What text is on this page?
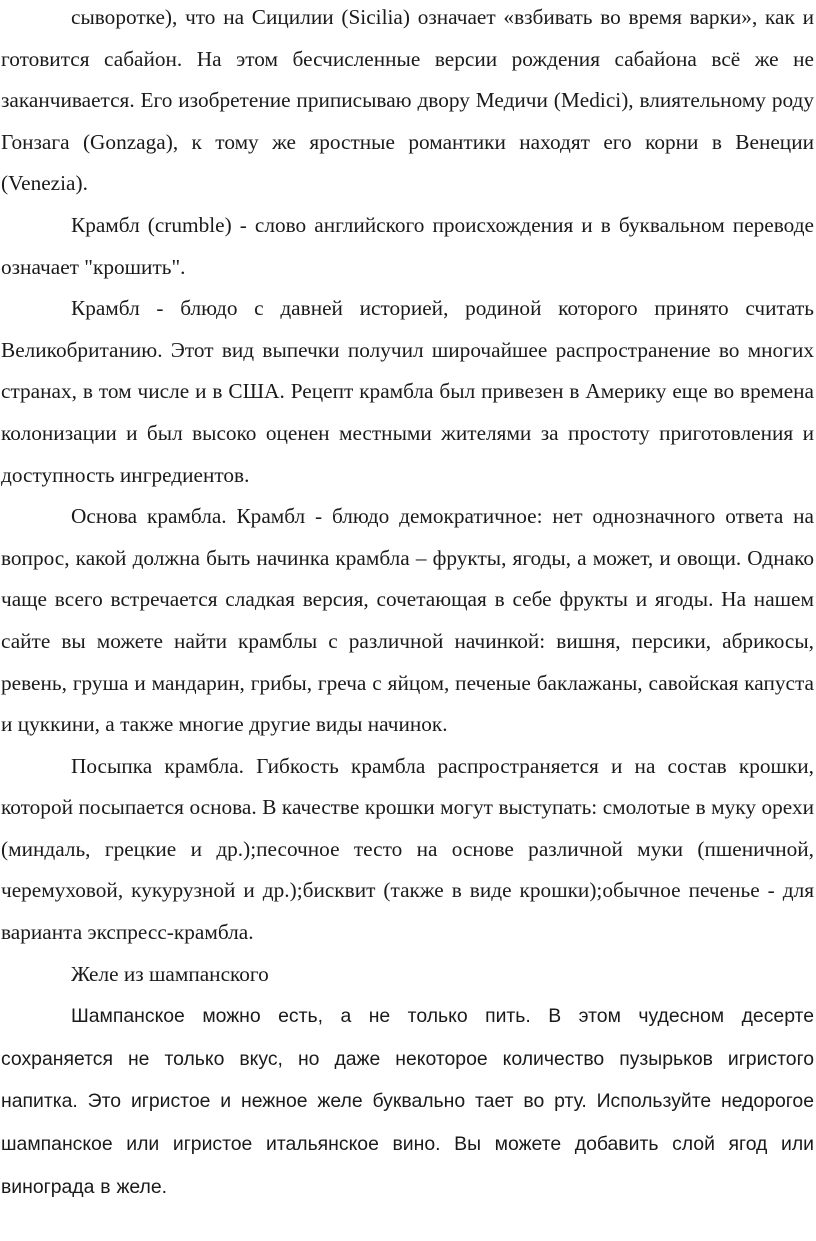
сыворотке), что на Сицилии (Sicilia) означает «взбивать во время варки», как и готовится сабайон. На этом бесчисленные версии рождения сабайона всё же не заканчивается. Его изобретение приписываю двору Медичи (Medici), влиятельному роду Гонзага (Gonzaga), к тому же яростные романтики находят его корни в Венеции (Venezia).

Крамбл (crumble) - слово английского происхождения и в буквальном переводе означает "крошить".

Крамбл - блюдо с давней историей, родиной которого принято считать Великобританию. Этот вид выпечки получил широчайшее распространение во многих странах, в том числе и в США. Рецепт крамбла был привезен в Америку еще во времена колонизации и был высоко оценен местными жителями за простоту приготовления и доступность ингредиентов.

Основа крамбла. Крамбл - блюдо демократичное: нет однозначного ответа на вопрос, какой должна быть начинка крамбла – фрукты, ягоды, а может, и овощи. Однако чаще всего встречается сладкая версия, сочетающая в себе фрукты и ягоды. На нашем сайте вы можете найти крамблы с различной начинкой: вишня, персики, абрикосы, ревень, груша и мандарин, грибы, греча с яйцом, печеные баклажаны, савойская капуста и цуккини, а также многие другие виды начинок.

Посыпка крамбла. Гибкость крамбла распространяется и на состав крошки, которой посыпается основа. В качестве крошки могут выступать: смолотые в муку орехи (миндаль, грецкие и др.);песочное тесто на основе различной муки (пшеничной, черемуховой, кукурузной и др.);бисквит (также в виде крошки);обычное печенье - для варианта экспресс-крамбла.

Желе из шампанского

Шампанское можно есть, а не только пить. В этом чудесном десерте сохраняется не только вкус, но даже некоторое количество пузырьков игристого напитка. Это игристое и нежное желе буквально тает во рту. Используйте недорогое шампанское или игристое итальянское вино. Вы можете добавить слой ягод или винограда в желе.
